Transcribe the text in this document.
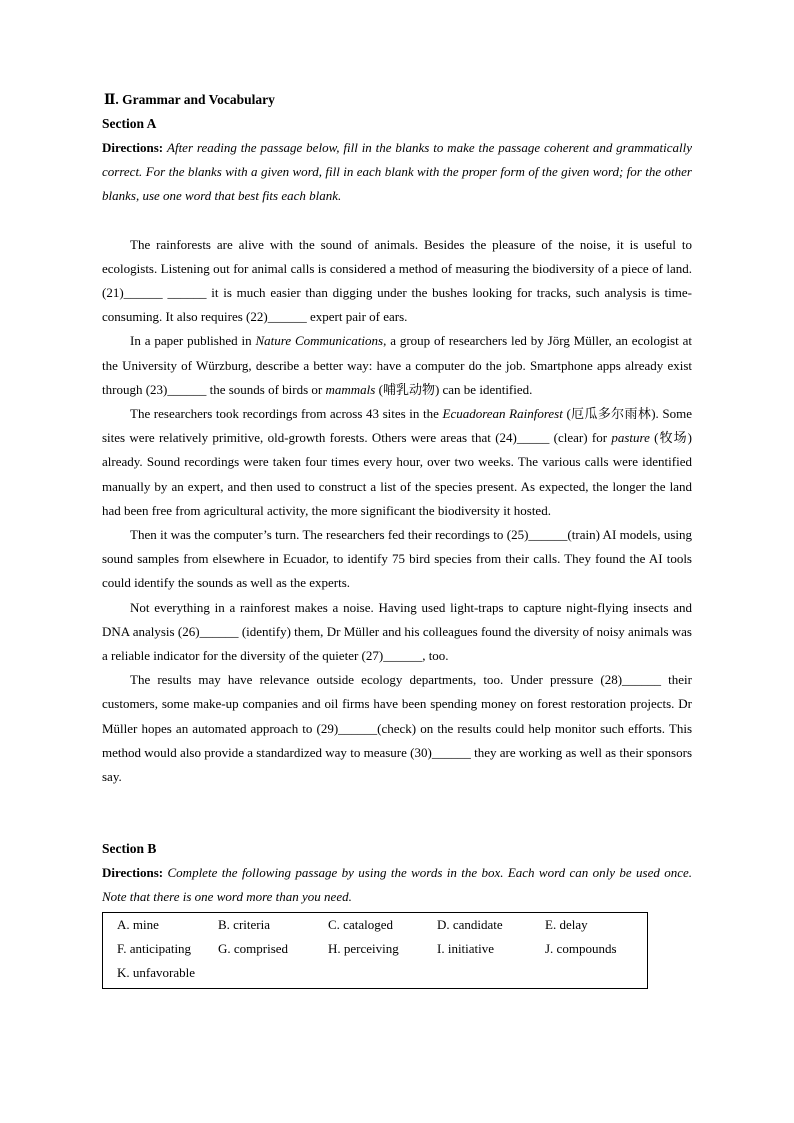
Ⅱ. Grammar and Vocabulary
Section A

Directions: After reading the passage below, fill in the blanks to make the passage coherent and grammatically correct. For the blanks with a given word, fill in each blank with the proper form of the given word; for the other blanks, use one word that best fits each blank.

The rainforests are alive with the sound of animals. Besides the pleasure of the noise, it is useful to ecologists. Listening out for animal calls is considered a method of measuring the biodiversity of a piece of land. (21)______ ______ it is much easier than digging under the bushes looking for tracks, such analysis is time-consuming. It also requires (22)______ expert pair of ears.

In a paper published in Nature Communications, a group of researchers led by Jörg Müller, an ecologist at the University of Würzburg, describe a better way: have a computer do the job. Smartphone apps already exist through (23)______ the sounds of birds or mammals (哺乳动物) can be identified.

The researchers took recordings from across 43 sites in the Ecuadorean Rainforest (厄瓜多尔雨林). Some sites were relatively primitive, old-growth forests. Others were areas that (24)_____ (clear) for pasture (牧场) already. Sound recordings were taken four times every hour, over two weeks. The various calls were identified manually by an expert, and then used to construct a list of the species present. As expected, the longer the land had been free from agricultural activity, the more significant the biodiversity it hosted.

Then it was the computer’s turn. The researchers fed their recordings to (25)______(train) AI models, using sound samples from elsewhere in Ecuador, to identify 75 bird species from their calls. They found the AI tools could identify the sounds as well as the experts.

Not everything in a rainforest makes a noise. Having used light-traps to capture night-flying insects and DNA analysis (26)______ (identify) them, Dr Müller and his colleagues found the diversity of noisy animals was a reliable indicator for the diversity of the quieter (27)______, too.

The results may have relevance outside ecology departments, too. Under pressure (28)______ their customers, some make-up companies and oil firms have been spending money on forest restoration projects. Dr Müller hopes an automated approach to (29)______(check) on the results could help monitor such efforts. This method would also provide a standardized way to measure (30)______ they are working as well as their sponsors say.

Section B

Directions: Complete the following passage by using the words in the box. Each word can only be used once. Note that there is one word more than you need.

A. mine	B. criteria	C. cataloged	D. candidate	E. delay
F. anticipating	G. comprised	H. perceiving	I. initiative	J. compounds
K. unfavorable
